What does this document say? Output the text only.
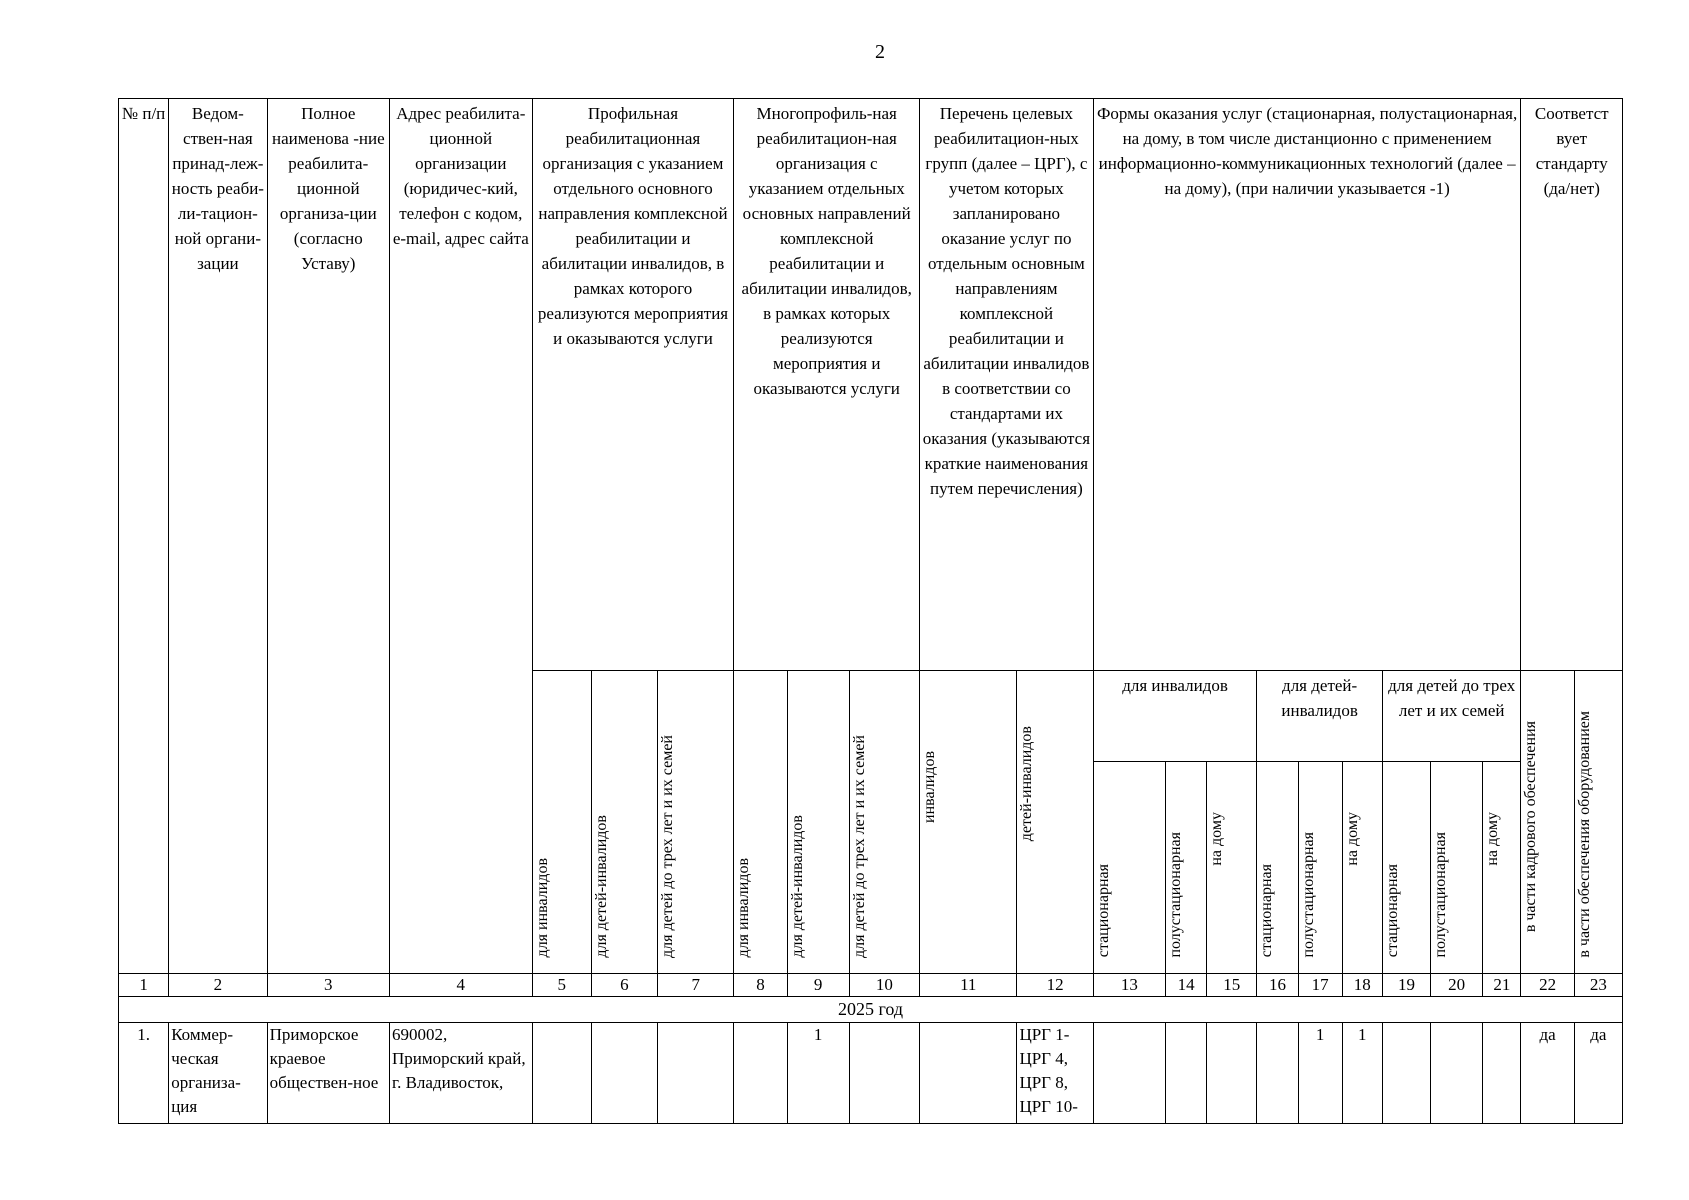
2
№ п/п	Ведом-ствен-ная принад-леж-ность реаби-ли-тацион-ной органи-зации	Полное наименова -ние реабилита-ционной организа-ции (согласно Уставу)	Адрес реабилита-ционной организации (юридичес-кий, телефон с кодом, e-mail, адрес сайта	Профильная реабилитационная организация с указанием отдельного основного направления комплексной реабилитации и абилитации инвалидов, в рамках которого реализуются мероприятия и оказываются услуги			Многопрофиль-ная реабилитацион-ная организация с указанием отдельных основных направлений комплексной реабилитации и абилитации инвалидов, в рамках которых реализуются мероприятия и оказываются услуги			Перечень целевых реабилитацион-ных групп (далее – ЦРГ), с учетом которых запланировано оказание услуг по отдельным основным направлениям комплексной реабилитации и абилитации инвалидов в соответствии со стандартами их оказания (указываются краткие наименования путем перечисления)		Формы оказания услуг (стационарная, полустационарная, на дому, в том числе дистанционно с применением информационно-коммуникационных технологий (далее – на дому), (при наличии указывается -1)									Соответст вует стандарту (да/нет)	

				для инвалидов	для детей-инвалидов	для детей до трех лет и их семей	для инвалидов	для детей-инвалидов	для детей до трех лет и их семей	инвалидов	детей-инвалидов	для инвалидов			для детей-инвалидов			для детей до трех лет и их семей			в части кадрового обеспечения	в части обеспечения оборудованием
												стационарная	полустационарная	на дому	стационарная	полустационарная	на дому	стационарная	полустационарная	на дому		
1	2	3	4	5	6	7	8	9	10	11	12	13	14	15	16	17	18	19	20	21	22	23
2025 год																						
1.	Коммер-ческая организа-ция	Приморское краевое обществен-ное	690002, Приморский край, г. Владивосток,					1			ЦРГ 1-ЦРГ 4, ЦРГ 8, ЦРГ 10-					1	1				да	да
